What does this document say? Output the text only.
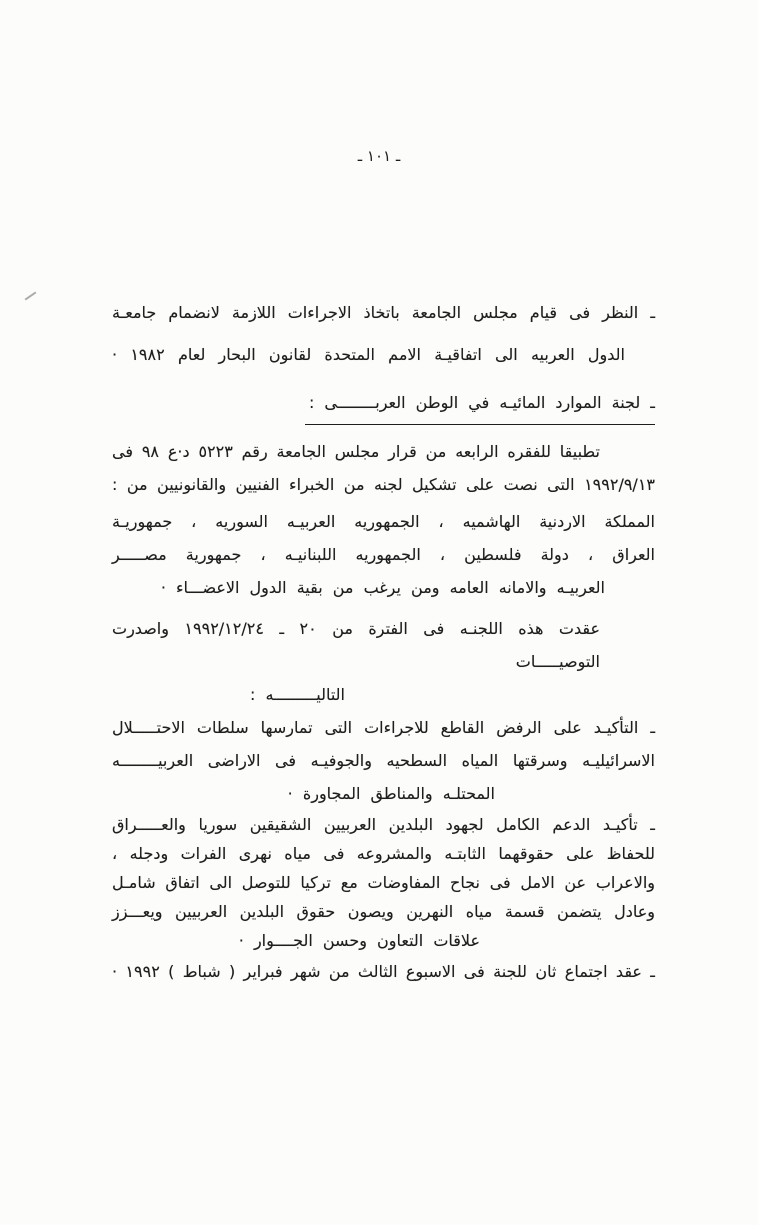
ـ ١٠١ ـ
ـ النظر فى قيام مجلس الجامعة باتخاذ الاجراءات اللازمة لانضمام جامعـة
الدول العربيه الى اتفاقيـة الامم المتحدة لقانون البحار لعام ١٩٨٢ ·
ـ لجنة الموارد المائيـه في الوطن العربــــــــى :
تطبيقا للفقره الرابعه من قرار مجلس الجامعة رقم ٥٢٢٣ د·ع ٩٨ فى
١٩٩٢/٩/١٣ التى نصت على تشكيل لجنه من الخبراء الفنيين والقانونيين من :
المملكة الاردنية الهاشميه ، الجمهوريه العربيـه السوريه ، جمهوريـة
العراق ، دولة فلسطين ، الجمهوريه اللبنانيـه ، جمهورية مصـــــر
العربيـه والامانه العامه ومن يرغب من بقية الدول الاعضـــاء ·
عقدت هذه اللجنـه فى الفترة من ٢٠ ـ ١٩٩٢/١٢/٢٤ واصدرت التوصيـــــات
التاليـــــــــه :
ـ التأكيـد على الرفض القاطع للاجراءات التى تمارسها سلطات الاحتـــــلال
الاسرائيليـه وسرقتها المياه السطحيه والجوفيـه فى الاراضى العربيــــــــه
المحتلـه والمناطق المجاورة ·
ـ تأكيـد الدعم الكامل لجهود البلدين العربيين الشقيقين سوريا والعـــــراق
للحفاظ على حقوقهما الثابتـه والمشروعه فى مياه نهرى الفرات ودجله ،
والاعراب عن الامل فى نجاح المفاوضات مع تركيا للتوصل الى اتفاق شامـل
وعادل يتضمن قسمة مياه النهرين ويصون حقوق البلدين العربيين ويعـــزز
علاقات التعاون وحسن الجــــوار ·
ـ عقد اجتماع ثان للجنة فى الاسبوع الثالث من شهر فبراير ( شباط ) ١٩٩٢ ·
